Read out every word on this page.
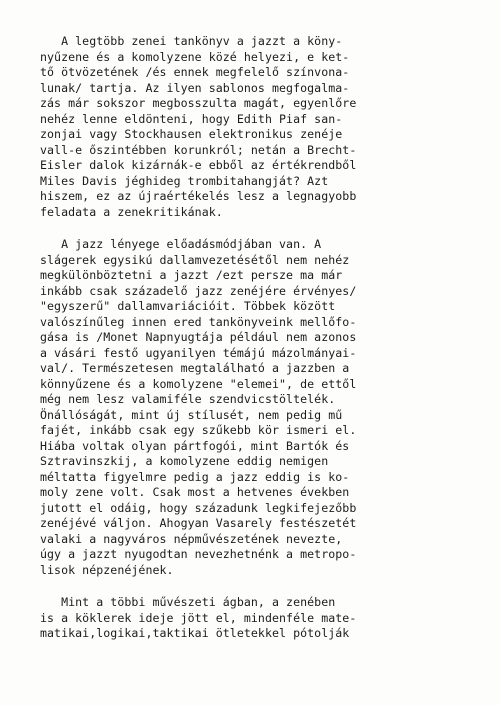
A legtöbb zenei tankönyv a jazzt a köny-
nyűzene és a komolyzene közé helyezi, e ket-
tő ötvözetének /és ennek megfelelő színvona-
lunak/ tartja. Az ilyen sablonos megfogalma-
zás már sokszor megbosszulta magát, egyenlőre
nehéz lenne eldönteni, hogy Edith Piaf san-
zonjai vagy Stockhausen elektronikus zenéje
vall-e őszintébben korunkról; netán a Brecht-
Eisler dalok kizárnák-e ebből az értékrendből
Miles Davis jéghideg trombitahangját? Azt
hiszem, ez az újraértékelés lesz a legnagyobb
feladata a zenekritikának.
A jazz lényege előadásmódjában van. A
slágerek egysikú dallamvezetésétől nem nehéz
megkülönböztetni a jazzt /ezt persze ma már
inkább csak századelő jazz zenéjére érvényes/
"egyszerű" dallamvariációit. Többek között
valószínűleg innen ered tankönyveink mellőfo-
gása is /Monet Napnyugtája például nem azonos
a vásári festő ugyanilyen témájú mázolmányai-
val/. Természetesen megtalálható a jazzben a
könnyűzene és a komolyzene "elemei", de ettől
még nem lesz valamiféle szendvicstöltelék.
Önállóságát, mint új stílusét, nem pedig mű
fajét, inkább csak egy szűkebb kör ismeri el.
Hiába voltak olyan pártfogói, mint Bartók és
Sztravinszkij, a komolyzene eddig nemigen
méltatta figyelmre pedig a jazz eddig is ko-
moly zene volt. Csak most a hetvenes években
jutott el odáig, hogy századunk legkifejezőbb
zenéjévé váljon. Ahogyan Vasarely festészetét
valaki a nagyváros népművészetének nevezte,
úgy a jazzt nyugodtan nevezhetnénk a metropo-
lisok népzenéjének.
Mint a többi művészeti ágban, a zenében
is a köklerek ideje jött el, mindenféle mate-
matikai,logikai,taktikai ötletekkel pótolják
